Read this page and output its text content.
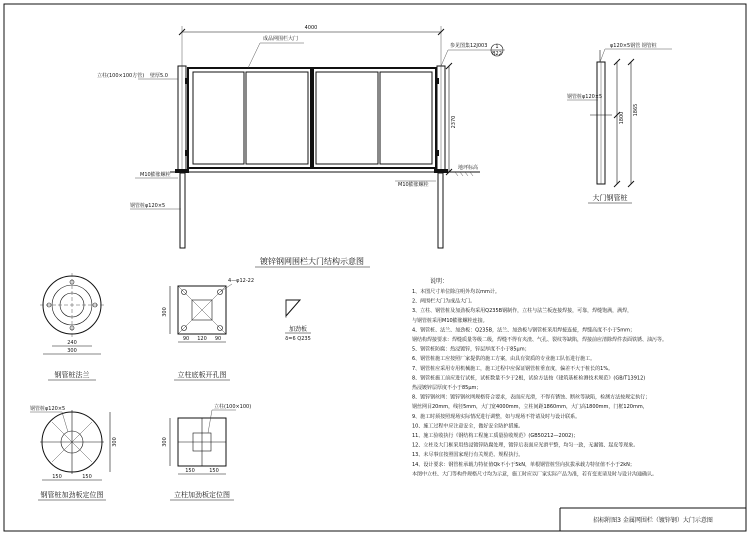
4000
2370
立柱(100×100方管) 壁厚5.0
成品网围栏大门
参见图集12J003 1
B22
M10膨胀螺栓
M10膨胀螺栓
地坪标高
钢管桩φ120×5
镀锌钢网围栏大门结构示意图
φ120×5钢管 钢管桩
钢管桩φ120×5
1800
1865
大门钢管桩
240
300
钢管桩法兰
4—φ12-22
300
90 120 90
立柱底板开孔图
加劲板
δ=6 Q235
钢管桩φ120×5
150	150
300
钢管桩加劲板定位图
立柱(100×100)
300
150	150
立柱加劲板定位图
说明：
1、本图尺寸单位除注明外均以mm计。
2、两围栏大门为成品大门。
3、立柱、钢管桩及加劲板均采用Q235B钢制作，立柱与法兰板连接焊接，可靠，焊缝饱满，满焊，
与钢管桩采用M10膨胀螺栓连接。
4、钢管桩、法兰、加劲板：Q235B，法兰、加劲板与钢管桩采用焊接连接，焊缝高度不小于5mm；
钢结构焊接要求：焊缝质量等级二级，焊缝不得有夹渣、气孔、裂纹等缺陷，焊接前应清除焊件表面铁锈、油污等。
5、钢管桩防腐：热浸镀锌，锌层厚度不小于85μm；
6、钢管桩施工应按照厂家提供的施工方案，由具有资质的专业施工队伍进行施工。
7、钢管桩应采用专用机械施工，施工过程中应保证钢管桩垂直度，偏差不大于桩长的1%。
8、钢管桩施工前应进行试桩，试桩数量不少于2根，试验方法按《建筑基桩检测技术规范》(GB/T13912)
热浸镀锌层厚度不小于85μm；
8、镀锌钢丝网：镀锌钢丝网规格符合要求，表面应光滑，不得有锈蚀、断丝等缺陷，检测方法按规定执行；
钢丝网目20mm，线径5mm，大门宽4000mm，立柱间距1860mm，大门高1800mm，门框120mm，
9、施工时须按照现场实际情况进行调整，如与现场不符请及时与设计联系。
10、施工过程中应注意安全，做好安全防护措施。
11、施工验收执行《钢结构工程施工质量验收规范》(GB50212—2002)；
12、立柱及大门框采用热浸镀锌防腐处理，镀锌后表面应光滑平整，均匀一致，无漏镀、起皮等现象。
13、未尽事宜按照国家现行有关规范、规程执行。
14、设计要求：钢管桩承载力特征值Qk不小于5kN，单根钢管桩竖向抗拔承载力特征值不小于2kN；
本图中立柱、大门等构件规格尺寸均为示意，施工时应以厂家实际产品为准，若有变更请及时与设计沟通确认。
招标附图3 金属网围栏（镀锌钢）大门示意图
